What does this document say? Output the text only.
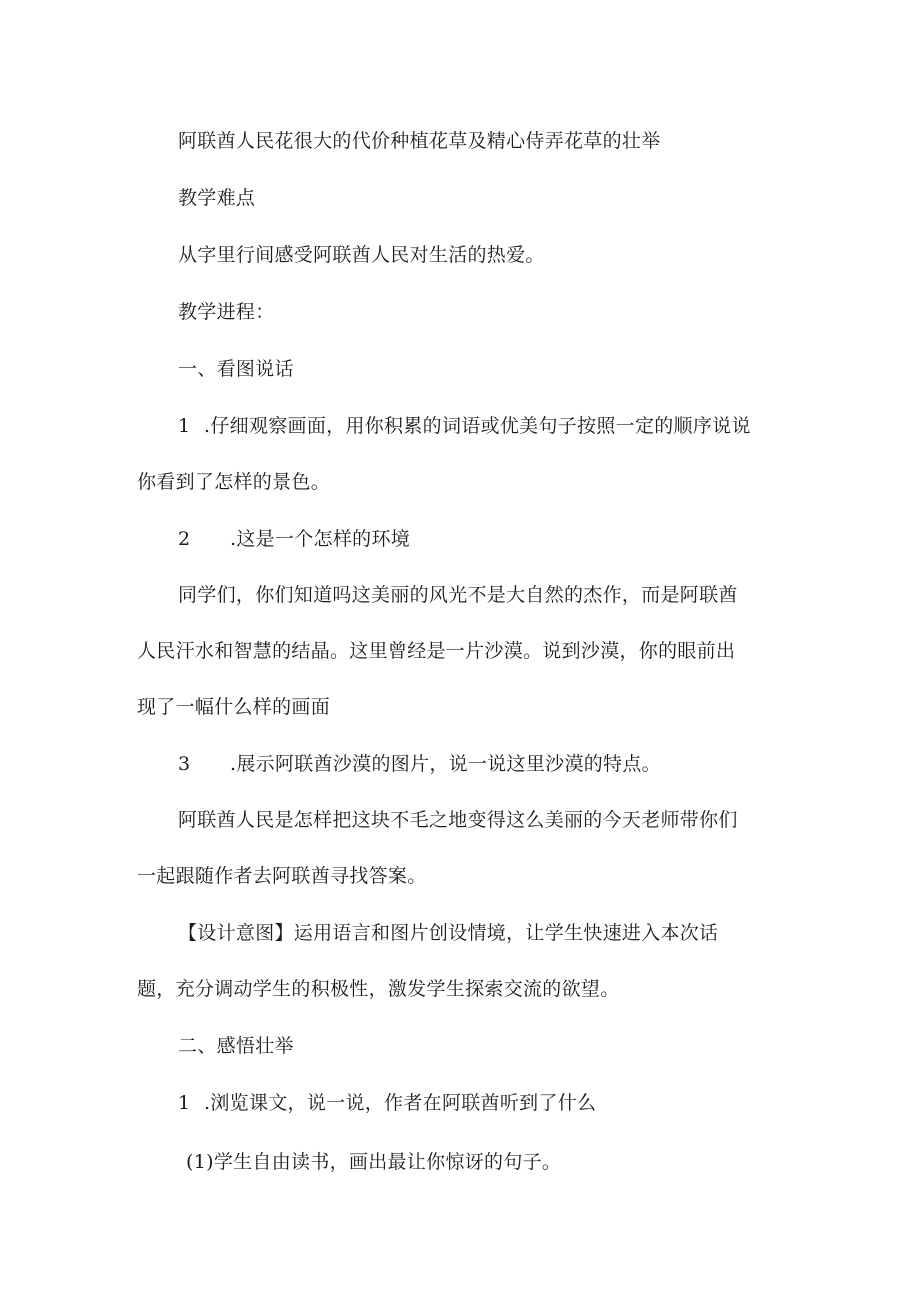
阿联酋人民花很大的代价种植花草及精心侍弄花草的壮举
教学难点
从字里行间感受阿联酋人民对生活的热爱。
教学进程：
一、看图说话
1 .仔细观察画面，用你积累的词语或优美句子按照一定的顺序说说
你看到了怎样的景色。
2 .这是一个怎样的环境
同学们，你们知道吗这美丽的风光不是大自然的杰作，而是阿联酋
人民汗水和智慧的结晶。这里曾经是一片沙漠。说到沙漠，你的眼前出
现了一幅什么样的画面
3 .展示阿联酋沙漠的图片，说一说这里沙漠的特点。
阿联酋人民是怎样把这块不毛之地变得这么美丽的今天老师带你们
一起跟随作者去阿联酋寻找答案。
【设计意图】运用语言和图片创设情境，让学生快速进入本次话
题，充分调动学生的积极性，激发学生探索交流的欲望。
二、感悟壮举
1 .浏览课文，说一说，作者在阿联酋听到了什么
(1)学生自由读书，画出最让你惊讶的句子。
